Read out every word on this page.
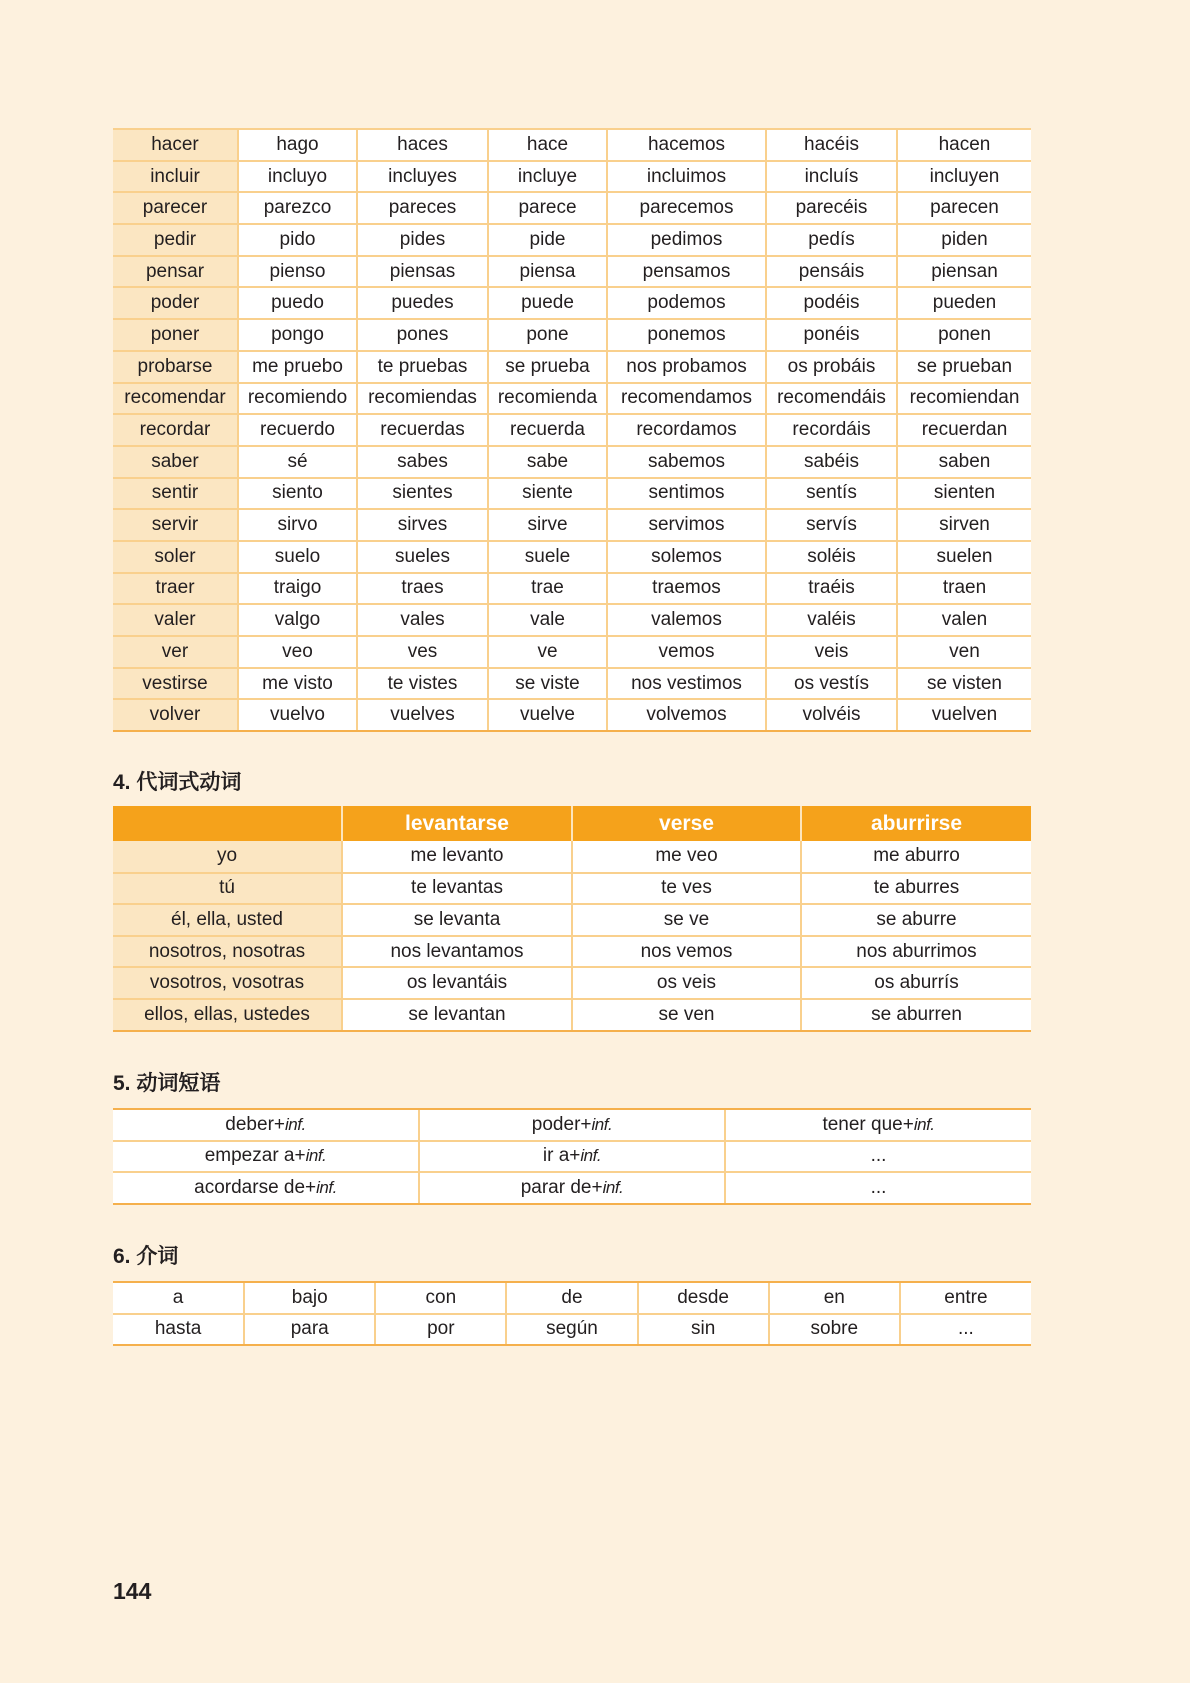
hacer	hago	haces	hace	hacemos	hacéis	hacen
incluir	incluyo	incluyes	incluye	incluimos	incluís	incluyen
parecer	parezco	pareces	parece	parecemos	parecéis	parecen
pedir	pido	pides	pide	pedimos	pedís	piden
pensar	pienso	piensas	piensa	pensamos	pensáis	piensan
poder	puedo	puedes	puede	podemos	podéis	pueden
poner	pongo	pones	pone	ponemos	ponéis	ponen
probarse	me pruebo	te pruebas	se prueba	nos probamos	os probáis	se prueban
recomendar	recomiendo	recomiendas	recomienda	recomendamos	recomendáis	recomiendan
recordar	recuerdo	recuerdas	recuerda	recordamos	recordáis	recuerdan
saber	sé	sabes	sabe	sabemos	sabéis	saben
sentir	siento	sientes	siente	sentimos	sentís	sienten
servir	sirvo	sirves	sirve	servimos	servís	sirven
soler	suelo	sueles	suele	solemos	soléis	suelen
traer	traigo	traes	trae	traemos	traéis	traen
valer	valgo	vales	vale	valemos	valéis	valen
ver	veo	ves	ve	vemos	veis	ven
vestirse	me visto	te vistes	se viste	nos vestimos	os vestís	se visten
volver	vuelvo	vuelves	vuelve	volvemos	volvéis	vuelven
4. 代词式动词
	levantarse	verse	aburrirse
yo	me levanto	me veo	me aburro
tú	te levantas	te ves	te aburres
él, ella, usted	se levanta	se ve	se aburre
nosotros, nosotras	nos levantamos	nos vemos	nos aburrimos
vosotros, vosotras	os levantáis	os veis	os aburrís
ellos, ellas, ustedes	se levantan	se ven	se aburren
5. 动词短语
deber+inf.	poder+inf.	tener que+inf.
empezar a+inf.	ir a+inf.	...
acordarse de+inf.	parar de+inf.	...
6. 介词
a	bajo	con	de	desde	en	entre
hasta	para	por	según	sin	sobre	...

144
